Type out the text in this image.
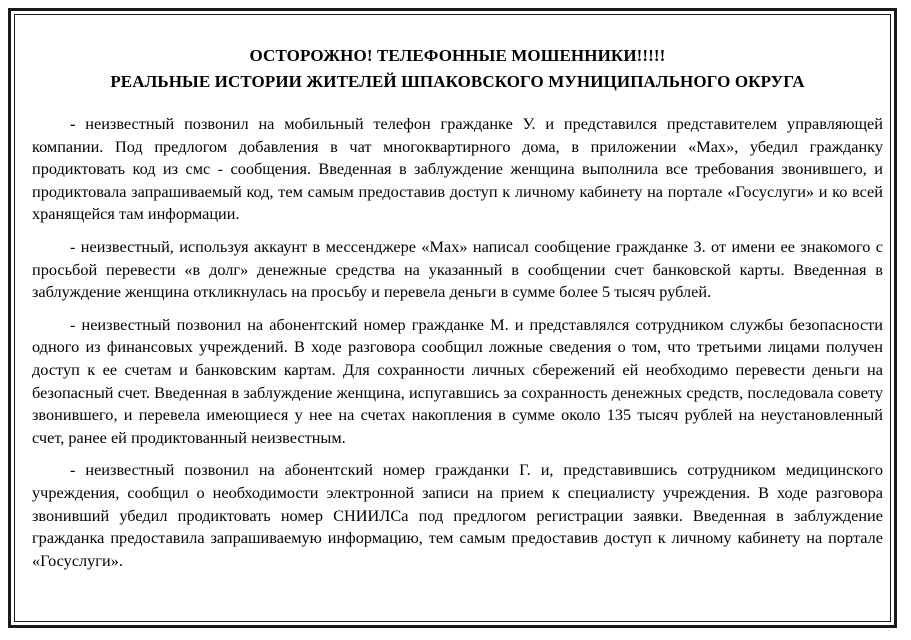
ОСТОРОЖНО! ТЕЛЕФОННЫЕ МОШЕННИКИ!!!!!
РЕАЛЬНЫЕ ИСТОРИИ ЖИТЕЛЕЙ ШПАКОВСКОГО МУНИЦИПАЛЬНОГО ОКРУГА

- неизвестный позвонил на мобильный телефон гражданке У. и представился представителем управляющей компании. Под предлогом добавления в чат многоквартирного дома, в приложении «Max», убедил гражданку продиктовать код из смс - сообщения. Введенная в заблуждение женщина выполнила все требования звонившего, и продиктовала запрашиваемый код, тем самым предоставив доступ к личному кабинету на портале «Госуслуги» и ко всей хранящейся там информации.

- неизвестный, используя аккаунт в мессенджере «Max» написал сообщение гражданке З. от имени ее знакомого с просьбой перевести «в долг» денежные средства на указанный в сообщении счет банковской карты. Введенная в заблуждение женщина откликнулась на просьбу и перевела деньги в сумме более 5 тысяч рублей.

- неизвестный позвонил на абонентский номер гражданке М. и представлялся сотрудником службы безопасности одного из финансовых учреждений. В ходе разговора сообщил ложные сведения о том, что третьими лицами получен доступ к ее счетам и банковским картам. Для сохранности личных сбережений ей необходимо перевести деньги на безопасный счет. Введенная в заблуждение женщина, испугавшись за сохранность денежных средств, последовала совету звонившего, и перевела имеющиеся у нее на счетах накопления в сумме около 135 тысяч рублей на неустановленный счет, ранее ей продиктованный неизвестным.

- неизвестный позвонил на абонентский номер гражданки Г. и, представившись сотрудником медицинского учреждения, сообщил о необходимости электронной записи на прием к специалисту учреждения. В ходе разговора звонивший убедил продиктовать номер СНИИЛСа под предлогом регистрации заявки. Введенная в заблуждение гражданка предоставила запрашиваемую информацию, тем самым предоставив доступ к личному кабинету на портале «Госуслуги».
